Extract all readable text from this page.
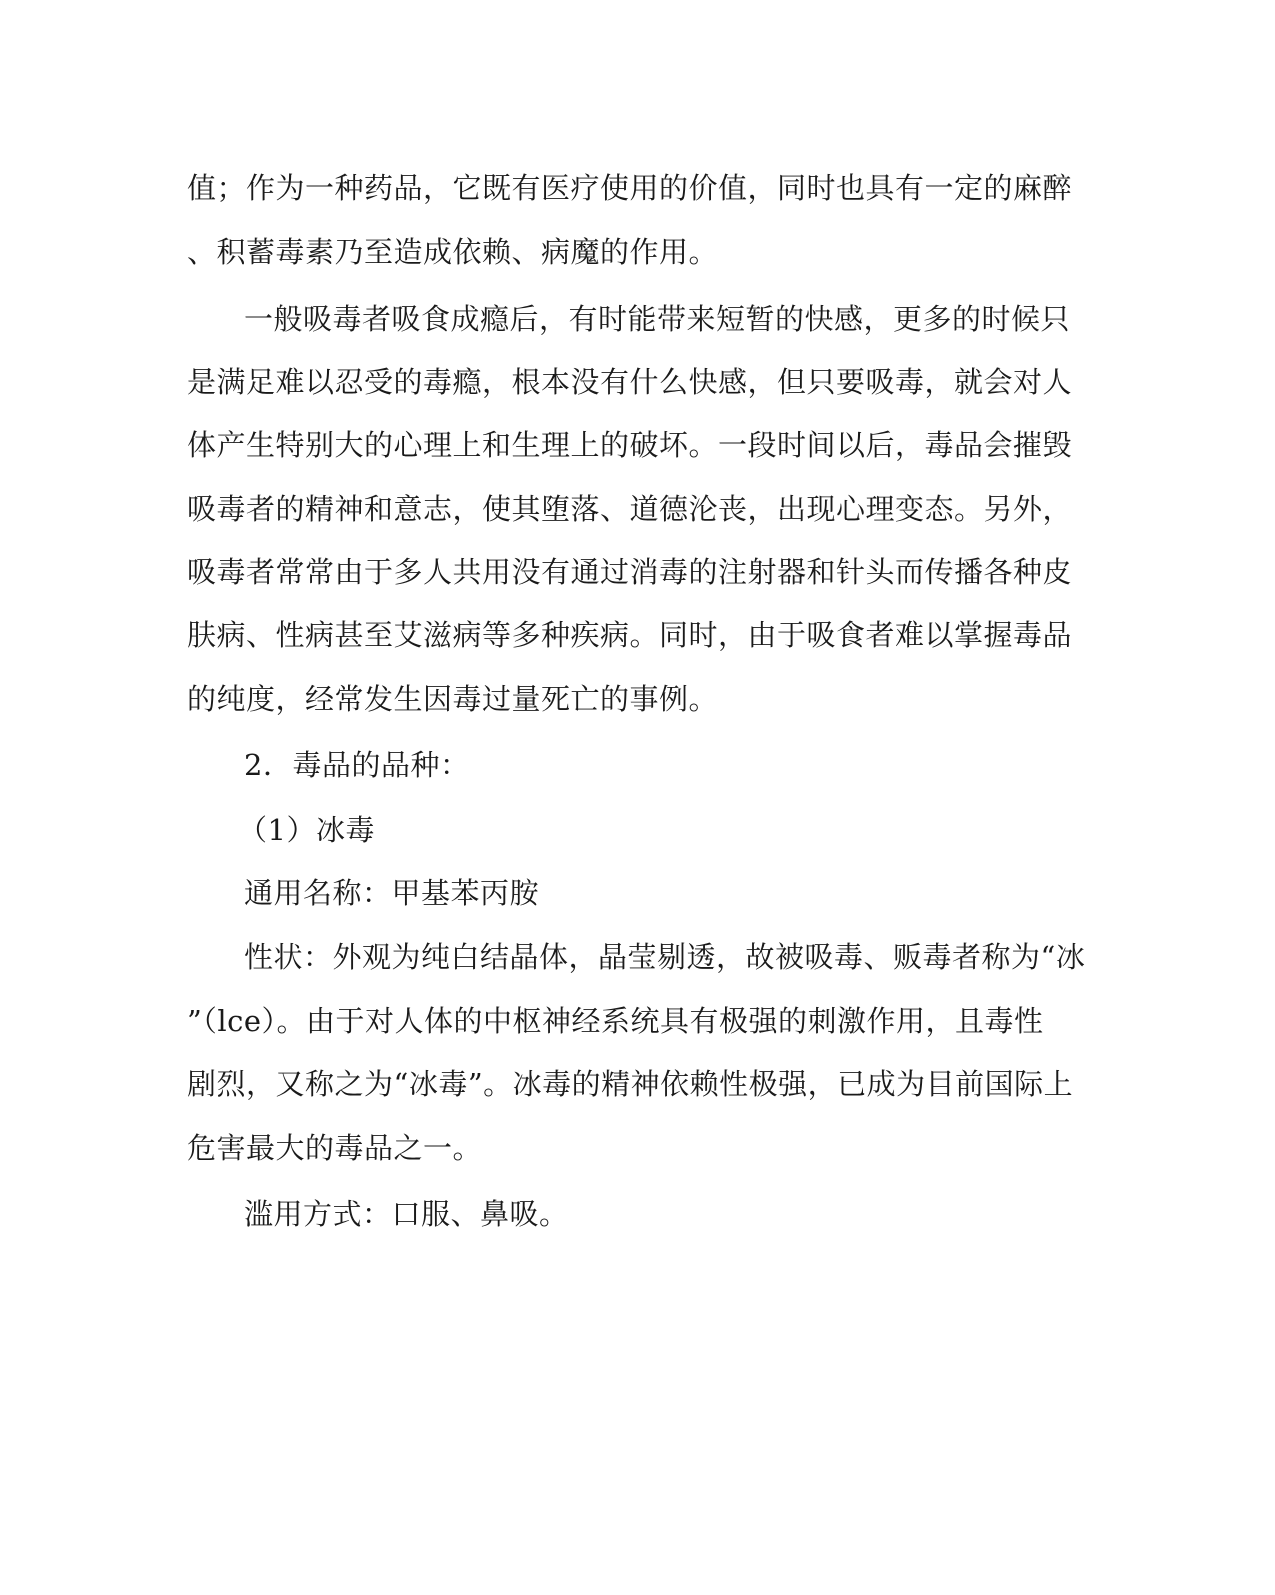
值；作为一种药品，它既有医疗使用的价值，同时也具有一定的麻醉
、积蓄毒素乃至造成依赖、病魔的作用。
一般吸毒者吸食成瘾后，有时能带来短暂的快感，更多的时候只
是满足难以忍受的毒瘾，根本没有什么快感，但只要吸毒，就会对人
体产生特别大的心理上和生理上的破坏。一段时间以后，毒品会摧毁
吸毒者的精神和意志，使其堕落、道德沦丧，出现心理变态。另外，
吸毒者常常由于多人共用没有通过消毒的注射器和针头而传播各种皮
肤病、性病甚至艾滋病等多种疾病。同时，由于吸食者难以掌握毒品
的纯度，经常发生因毒过量死亡的事例。
2．毒品的品种：
（1）冰毒
通用名称：甲基苯丙胺
性状：外观为纯白结晶体，晶莹剔透，故被吸毒、贩毒者称为“冰
”（lce）。由于对人体的中枢神经系统具有极强的刺激作用，且毒性
剧烈，又称之为“冰毒”。冰毒的精神依赖性极强，已成为目前国际上
危害最大的毒品之一。
滥用方式：口服、鼻吸。
